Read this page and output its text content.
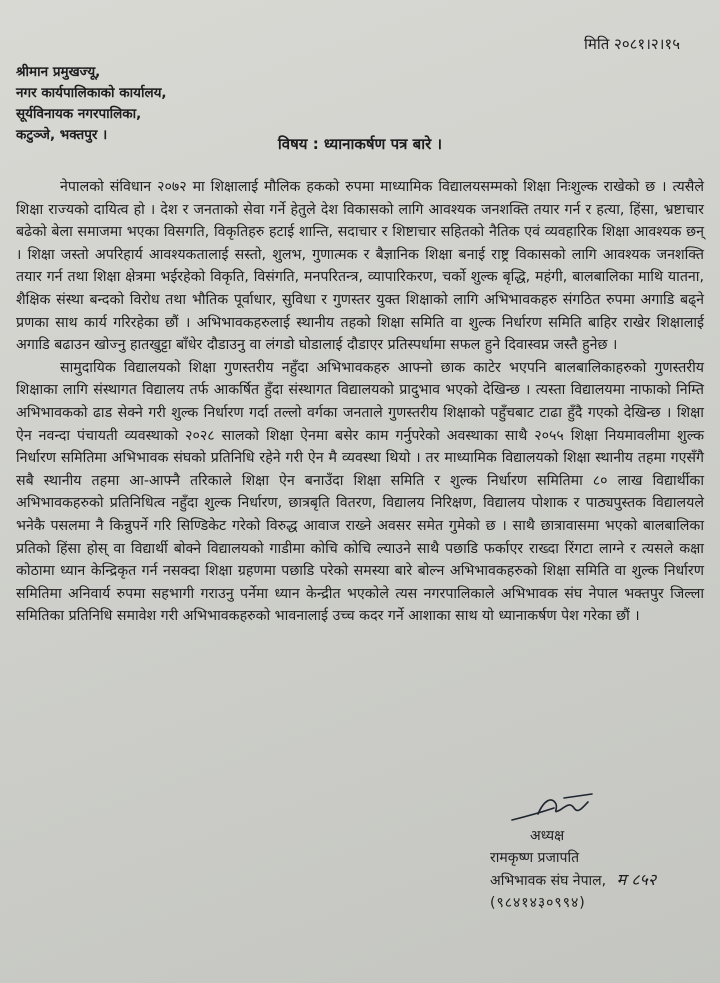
मिति २०८१।२।१५
श्रीमान प्रमुखज्यू,
नगर कार्यपालिकाको कार्यालय,
सूर्यविनायक नगरपालिका,
कटुञ्जे, भक्तपुर ।	विषय : ध्यानाकर्षण पत्र बारे ।

नेपालको संविधान २०७२ मा शिक्षालाई मौलिक हकको रुपमा माध्यामिक विद्यालयसम्मको शिक्षा निःशुल्क राखेको छ । त्यसैले शिक्षा राज्यको दायित्व हो । देश र जनताको सेवा गर्ने हेतुले देश विकासको लागि आवश्यक जनशक्ति तयार गर्न र हत्या, हिंसा, भ्रष्टाचार बढेको बेला समाजमा भएका विसगति, विकृतिहरु हटाई शान्ति, सदाचार र शिष्टाचार सहितको नैतिक एवं व्यवहारिक शिक्षा आवश्यक छन् । शिक्षा जस्तो अपरिहार्य आवश्यकतालाई सस्तो, शुलभ, गुणात्मक र बैज्ञानिक शिक्षा बनाई राष्ट्र विकासको लागि आवश्यक जनशक्ति तयार गर्न तथा शिक्षा क्षेत्रमा भईरहेको विकृति, विसंगति, मनपरितन्त्र, व्यापारिकरण, चर्को शुल्क बृद्धि, महंगी, बालबालिका माथि यातना, शैक्षिक संस्था बन्दको विरोध तथा भौतिक पूर्वाधार, सुविधा र गुणस्तर युक्त शिक्षाको लागि अभिभावकहरु संगठित रुपमा अगाडि बढ्ने प्रणका साथ कार्य गरिरहेका छौं । अभिभावकहरुलाई स्थानीय तहको शिक्षा समिति वा शुल्क निर्धारण समिति बाहिर राखेर शिक्षालाई अगाडि बढाउन खोज्नु हातखुट्टा बाँधेर दौडाउनु वा लंगडो घोडालाई दौडाएर प्रतिस्पर्धामा सफल हुने दिवास्वप्न जस्तै हुनेछ ।

सामुदायिक विद्यालयको शिक्षा गुणस्तरीय नहुँदा अभिभावकहरु आफ्नो छाक काटेर भएपनि बालबालिकाहरुको गुणस्तरीय शिक्षाका लागि संस्थागत विद्यालय तर्फ आकर्षित हुँदा संस्थागत विद्यालयको प्रादुभाव भएको देखिन्छ । त्यस्ता विद्यालयमा नाफाको निम्ति अभिभावकको ढाड सेक्ने गरी शुल्क निर्धारण गर्दा तल्लो वर्गका जनताले गुणस्तरीय शिक्षाको पहुँचबाट टाढा हुँदै गएको देखिन्छ । शिक्षा ऐन नवन्दा पंचायती व्यवस्थाको २०२८ सालको शिक्षा ऐनमा बसेर काम गर्नुपरेको अवस्थाका साथै २०५५ शिक्षा नियमावलीमा शुल्क निर्धारण समितिमा अभिभावक संघको प्रतिनिधि रहेने गरी ऐन मै व्यवस्था थियो । तर माध्यामिक विद्यालयको शिक्षा स्थानीय तहमा गएसँगै सबै स्थानीय तहमा आ-आफ्नै तरिकाले शिक्षा ऐन बनाउँदा शिक्षा समिति र शुल्क निर्धारण समितिमा ८० लाख विद्यार्थीका अभिभावकहरुको प्रतिनिधित्व नहुँदा शुल्क निर्धारण, छात्रबृति वितरण, विद्यालय निरिक्षण, विद्यालय पोशाक र पाठ्यपुस्तक विद्यालयले भनेकै पसलमा नै किन्नुपर्ने गरि सिण्डिकेट गरेको विरुद्ध आवाज राख्ने अवसर समेत गुमेको छ । साथै छात्रावासमा भएको बालबालिका प्रतिको हिंसा होस् वा विद्यार्थी बोक्ने विद्यालयको गाडीमा कोचि कोचि ल्याउने साथै पछाडि फर्काएर राख्दा रिंगटा लाग्ने र त्यसले कक्षा कोठामा ध्यान केन्द्रिकृत गर्न नसक्दा शिक्षा ग्रहणमा पछाडि परेको समस्या बारे बोल्न अभिभावकहरुको शिक्षा समिति वा शुल्क निर्धारण समितिमा अनिवार्य रुपमा सहभागी गराउनु पर्नेमा ध्यान केन्द्रीत भएकोले त्यस नगरपालिकाले अभिभावक संघ नेपाल भक्तपुर जिल्ला समितिका प्रतिनिधि समावेश गरी अभिभावकहरुको भावनालाई उच्च कदर गर्ने आशाका साथ यो ध्यानाकर्षण पेश गरेका छौं ।

अध्यक्ष
रामकृष्ण प्रजापति
अभिभावक संघ नेपाल, म ८५२
(९८४१४३०९९४)
